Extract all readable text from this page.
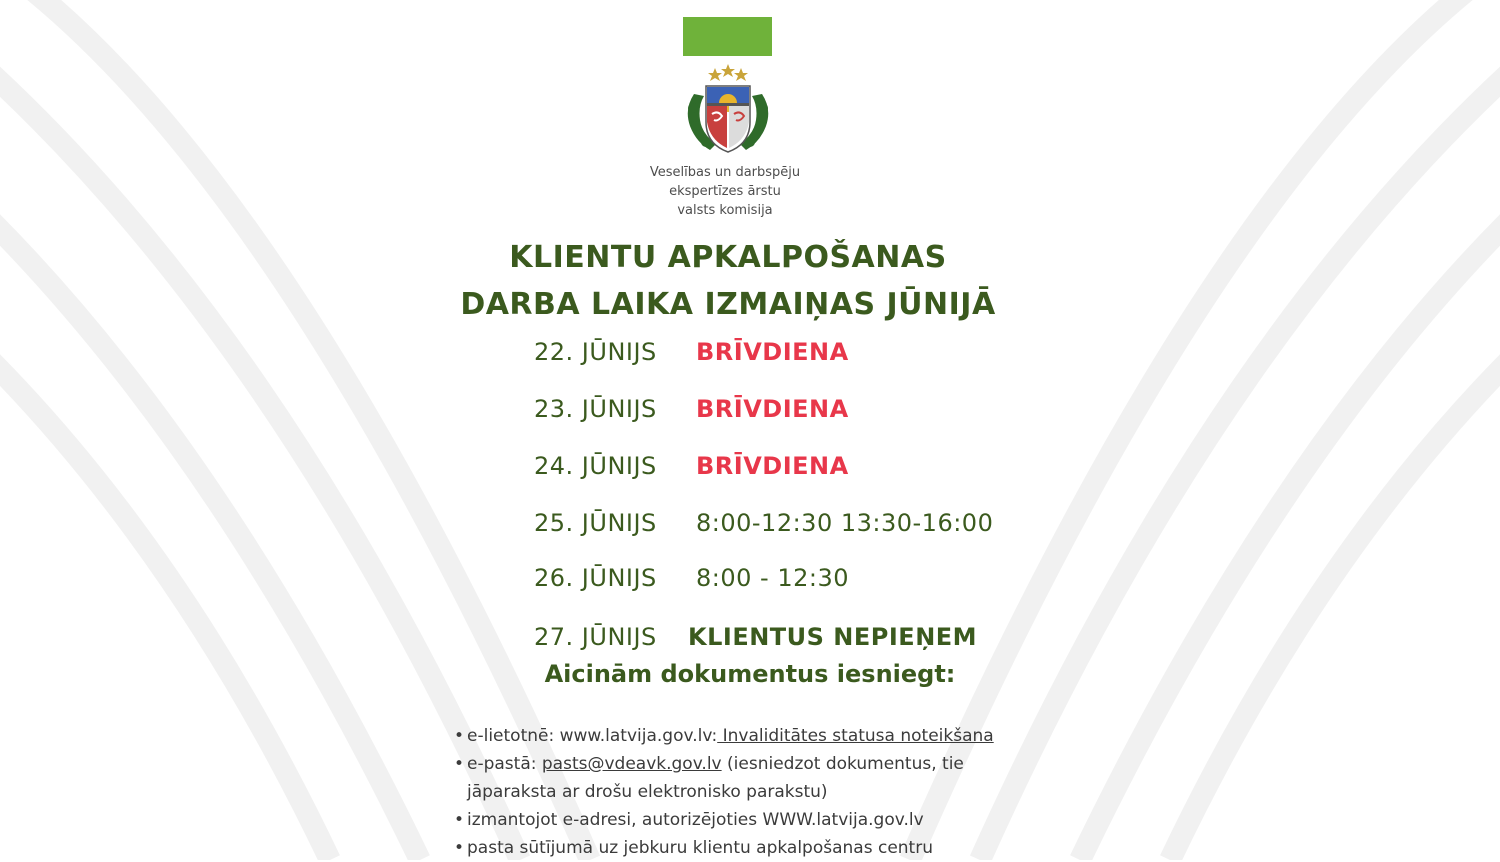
Veselības un darbspēju
ekspertīzes ārstu
valsts komisija
KLIENTU APKALPOŠANAS
DARBA LAIKA IZMAIŅAS JŪNIJĀ
22. JŪNIJS BRĪVDIENA
23. JŪNIJS BRĪVDIENA
24. JŪNIJS BRĪVDIENA
25. JŪNIJS 8:00-12:30 13:30-16:00
26. JŪNIJS 8:00 - 12:30
27. JŪNIJS KLIENTUS NEPIEŅEM
Aicinām dokumentus iesniegt:
• e-lietotnē: www.latvija.gov.lv: Invaliditātes statusa noteikšana
• e-pastā: pasts@vdeavk.gov.lv (iesniedzot dokumentus, tie
jāparaksta ar drošu elektronisko parakstu)
• izmantojot e-adresi, autorizējoties WWW.latvija.gov.lv
• pasta sūtījumā uz jebkuru klientu apkalpošanas centru
